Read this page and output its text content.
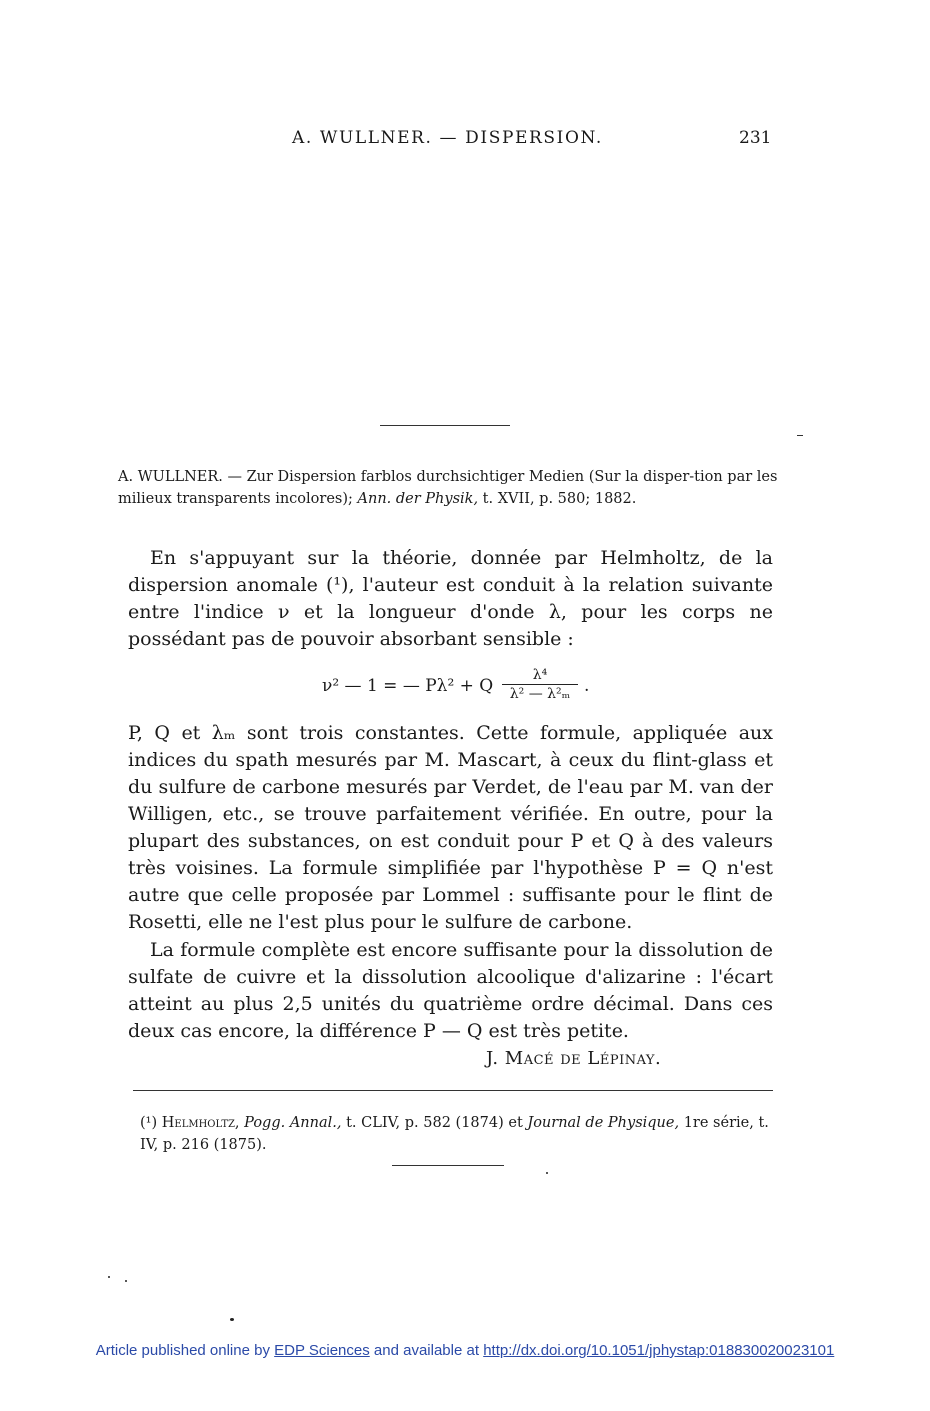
A. WULLNER. — DISPERSION.	231
A. WULLNER. — Zur Dispersion farblos durchsichtiger Medien (Sur la disper-tion par les milieux transparents incolores); Ann. der Physik, t. XVII, p. 580; 1882.

En s'appuyant sur la théorie, donnée par Helmholtz, de la dispersion anomale (¹), l'auteur est conduit à la relation suivante entre l'indice ν et la longueur d'onde λ, pour les corps ne possédant pas de pouvoir absorbant sensible :

ν² — 1 = — Pλ² + Q $\frac{\text{λ⁴}}{\text{λ² — λ²ₘ}}$ .

P, Q et λₘ sont trois constantes. Cette formule, appliquée aux indices du spath mesurés par M. Mascart, à ceux du flint-glass et du sulfure de carbone mesurés par Verdet, de l'eau par M. van der Willigen, etc., se trouve parfaitement vérifiée. En outre, pour la plupart des substances, on est conduit pour P et Q à des valeurs très voisines. La formule simplifiée par l'hypothèse P = Q n'est autre que celle proposée par Lommel : suffisante pour le flint de Rosetti, elle ne l'est plus pour le sulfure de carbone.

La formule complète est encore suffisante pour la dissolution de sulfate de cuivre et la dissolution alcoolique d'alizarine : l'écart atteint au plus 2,5 unités du quatrième ordre décimal. Dans ces deux cas encore, la différence P — Q est très petite.

J. Macé de Lépinay.
(¹) Helmholtz, Pogg. Annal., t. CLIV, p. 582 (1874) et Journal de Physique, 1re série, t. IV, p. 216 (1875).
Article published online by EDP Sciences and available at http://dx.doi.org/10.1051/jphystap:018830020023101
